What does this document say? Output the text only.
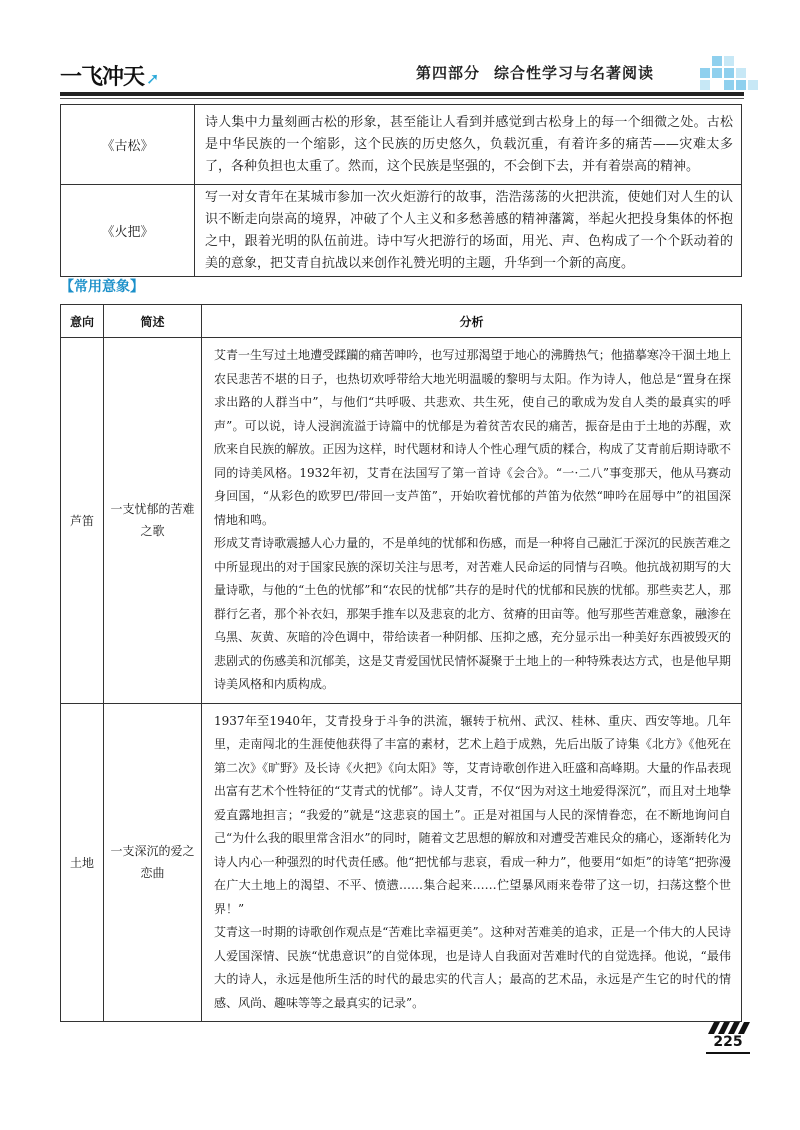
一飞冲天 ➚	第四部分 综合性学习与名著阅读
《古松》	诗人集中力量刻画古松的形象，甚至能让人看到并感觉到古松身上的每一个细微之处。古松是中华民族的一个缩影，这个民族的历史悠久，负载沉重，有着许多的痛苦——灾难太多了，各种负担也太重了。然而，这个民族是坚强的，不会倒下去，并有着崇高的精神。
《火把》	写一对女青年在某城市参加一次火炬游行的故事，浩浩荡荡的火把洪流，使她们对人生的认识不断走向崇高的境界，冲破了个人主义和多愁善感的精神藩篱，举起火把投身集体的怀抱之中，跟着光明的队伍前进。诗中写火把游行的场面，用光、声、色构成了一个个跃动着的美的意象，把艾青自抗战以来创作礼赞光明的主题，升华到一个新的高度。
【常用意象】
意向	简述	分析
芦笛	一支忧郁的苦难之歌	艾青一生写过土地遭受蹂躏的痛苦呻吟，也写过那渴望于地心的沸腾热气；他描摹寒冷干涸土地上农民悲苦不堪的日子，也热切欢呼带给大地光明温暖的黎明与太阳。作为诗人，他总是“置身在探求出路的人群当中”，与他们“共呼吸、共悲欢、共生死，使自己的歌成为发自人类的最真实的呼声”。可以说，诗人浸润流溢于诗篇中的忧郁是为着贫苦农民的痛苦，振奋是由于土地的苏醒，欢欣来自民族的解放。正因为这样，时代题材和诗人个性心理气质的糅合，构成了艾青前后期诗歌不同的诗美风格。1932年初，艾青在法国写了第一首诗《会合》。“一·二八”事变那天，他从马赛动身回国，“从彩色的欧罗巴/带回一支芦笛”，开始吹着忧郁的芦笛为依然“呻吟在屈辱中”的祖国深情地和鸣。

形成艾青诗歌震撼人心力量的，不是单纯的忧郁和伤感，而是一种将自己融汇于深沉的民族苦难之中所显现出的对于国家民族的深切关注与思考，对苦难人民命运的同情与召唤。他抗战初期写的大量诗歌，与他的“土色的忧郁”和“农民的忧郁”共存的是时代的忧郁和民族的忧郁。那些卖艺人，那群行乞者，那个补衣妇，那架手推车以及悲哀的北方、贫瘠的田亩等。他写那些苦难意象，融渗在乌黑、灰黄、灰暗的冷色调中，带给读者一种阴郁、压抑之感，充分显示出一种美好东西被毁灭的悲剧式的伤感美和沉郁美，这是艾青爱国忧民情怀凝聚于土地上的一种特殊表达方式，也是他早期诗美风格和内质构成。

土地	一支深沉的爱之恋曲	1937年至1940年，艾青投身于斗争的洪流，辗转于杭州、武汉、桂林、重庆、西安等地。几年里，走南闯北的生涯使他获得了丰富的素材，艺术上趋于成熟，先后出版了诗集《北方》《他死在第二次》《旷野》及长诗《火把》《向太阳》等，艾青诗歌创作进入旺盛和高峰期。大量的作品表现出富有艺术个性特征的“艾青式的忧郁”。诗人艾青，不仅“因为对这土地爱得深沉”，而且对土地挚爱直露地担言；“我爱的”就是“这悲哀的国土”。正是对祖国与人民的深情眷恋，在不断地询问自己“为什么我的眼里常含泪水”的同时，随着文艺思想的解放和对遭受苦难民众的痛心，逐渐转化为诗人内心一种强烈的时代责任感。他“把忧郁与悲哀，看成一种力”，他要用“如炬”的诗笔“把弥漫在广大土地上的渴望、不平、愤懑……集合起来……伫望暴风雨来卷带了这一切，扫荡这整个世界！”

艾青这一时期的诗歌创作观点是“苦难比幸福更美”。这种对苦难美的追求，正是一个伟大的人民诗人爱国深情、民族“忧患意识”的自觉体现，也是诗人自我面对苦难时代的自觉选择。他说，“最伟大的诗人，永远是他所生活的时代的最忠实的代言人；最高的艺术品，永远是产生它的时代的情感、风尚、趣味等等之最真实的记录”。

225
